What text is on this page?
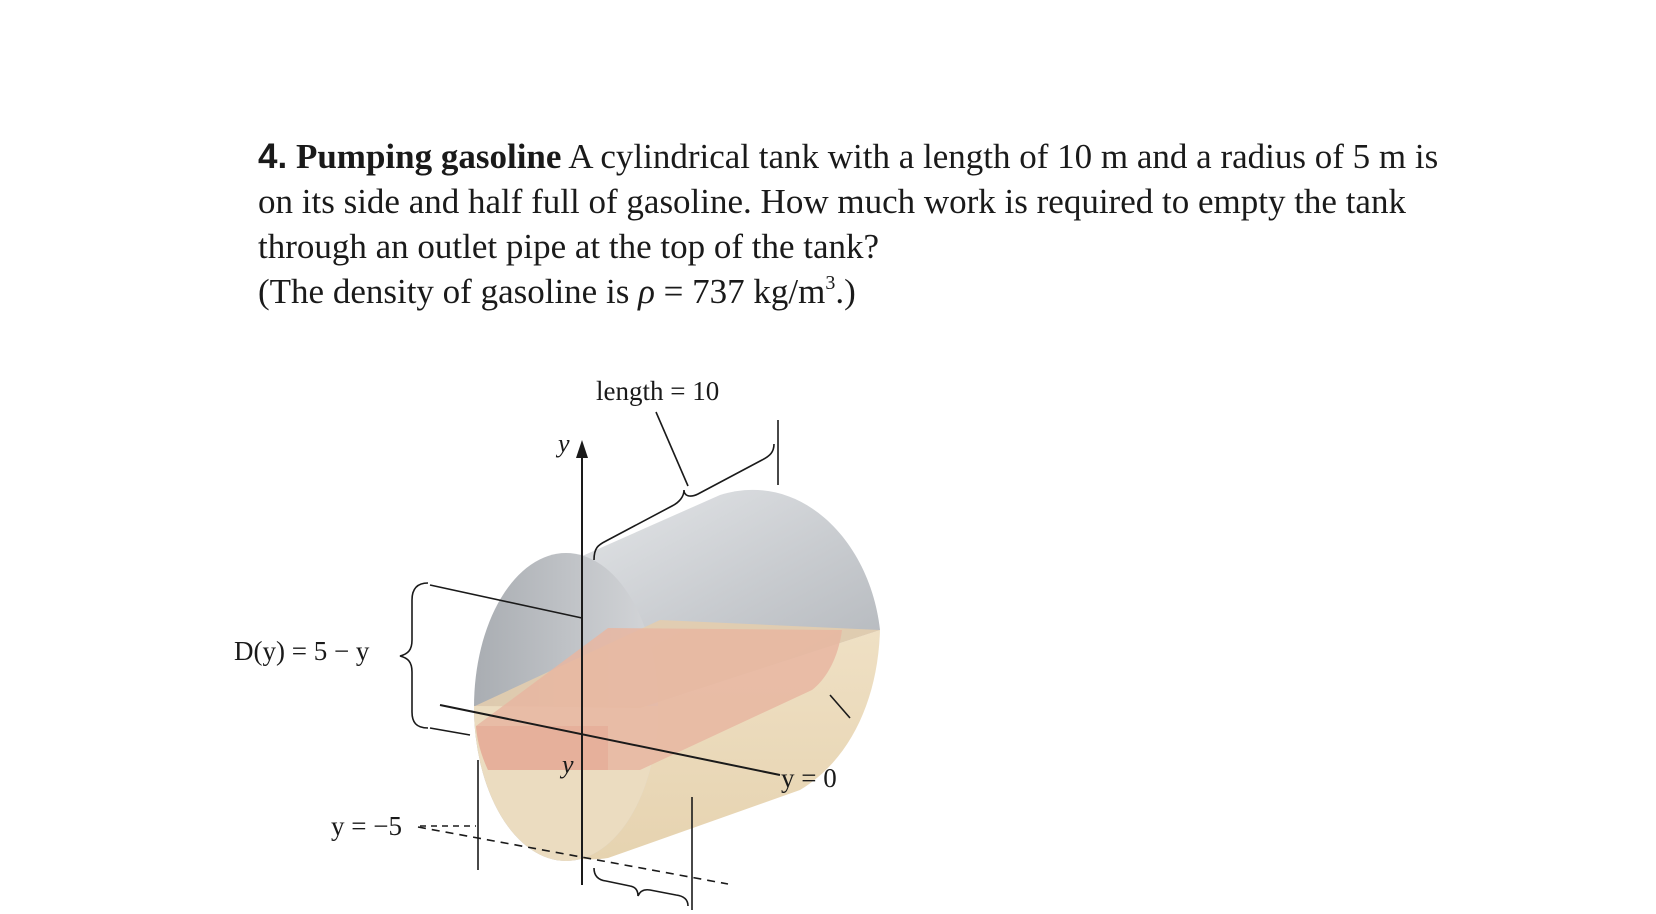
4. Pumping gasoline A cylindrical tank with a length of 10 m and a radius of 5 m is on its side and half full of gasoline. How much work is required to empty the tank through an outlet pipe at the top of the tank?

(The density of gasoline is ρ = 737 $kg/m^3$.)

length = 10
y
y
D(y) = 5 − y
y = 0
y = −5
